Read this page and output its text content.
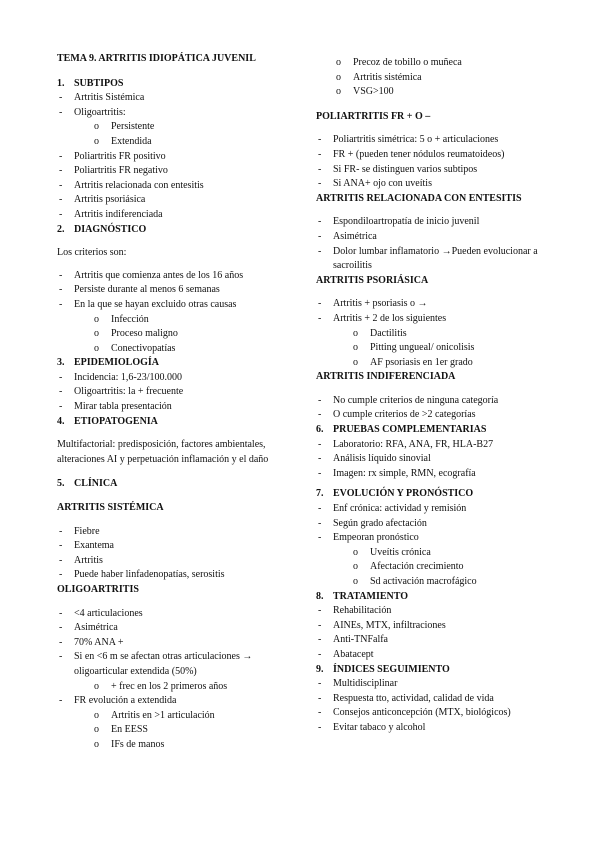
TEMA 9. ARTRITIS IDIOPÁTICA JUVENIL
1. SUBTIPOS
- Artritis Sistémica
- Oligoartritis:
o Persistente
o Extendida
- Poliartritis FR positivo
- Poliartritis FR negativo
- Artritis relacionada con entesitis
- Artritis psoriásica
- Artritis indiferenciada
2. DIAGNÓSTICO
Los criterios son:
- Artritis que comienza antes de los 16 años
- Persiste durante al menos 6 semanas
- En la que se hayan excluido otras causas
o Infección
o Proceso maligno
o Conectivopatías
3. EPIDEMIOLOGÍA
- Incidencia: 1,6-23/100.000
- Oligoartritis: la + frecuente
- Mirar tabla presentación
4. ETIOPATOGENIA
Multifactorial: predisposición, factores ambientales, alteraciones AI y perpetuación inflamación y el daño
5. CLÍNICA
ARTRITIS SISTÉMICA
- Fiebre
- Exantema
- Artritis
- Puede haber linfadenopatías, serositis
OLIGOARTRITIS
- <4 articulaciones
- Asimétrica
- 70% ANA +
- Si en <6 m se afectan otras articulaciones → oligoarticular extendida (50%)
o + frec en los 2 primeros años
- FR evolución a extendida
o Artritis en >1 articulación
o En EESS
o IFs de manos
o Precoz de tobillo o muñeca
o Artritis sistémica
o VSG>100
POLIARTRITIS FR + O –
- Poliartritis simétrica: 5 o + articulaciones
- FR + (pueden tener nódulos reumatoideos)
- Si FR- se distinguen varios subtipos
- Si ANA+ ojo con uveítis
ARTRITIS RELACIONADA CON ENTESITIS
- Espondiloartropatía de inicio juvenil
- Asimétrica
- Dolor lumbar inflamatorio →Pueden evolucionar a sacroilitis
ARTRITIS PSORIÁSICA
- Artritis + psoriasis o →
- Artritis + 2 de los siguientes
o Dactilitis
o Pitting ungueal/ onicolisis
o AF psoriasis en 1er grado
ARTRITIS INDIFERENCIADA
- No cumple criterios de ninguna categoría
- O cumple criterios de >2 categorías
6. PRUEBAS COMPLEMENTARIAS
- Laboratorio: RFA, ANA, FR, HLA-B27
- Análisis líquido sinovial
- Imagen: rx simple, RMN, ecografía
7. EVOLUCIÓN Y PRONÓSTICO
- Enf crónica: actividad y remisión
- Según grado afectación
- Empeoran pronóstico
o Uveítis crónica
o Afectación crecimiento
o Sd activación macrofágico
8. TRATAMIENTO
- Rehabilitación
- AINEs, MTX, infiltraciones
- Anti-TNFalfa
- Abatacept
9. ÍNDICES SEGUIMIENTO
- Multidisciplinar
- Respuesta tto, actividad, calidad de vida
- Consejos anticoncepción (MTX, biológicos)
- Evitar tabaco y alcohol
